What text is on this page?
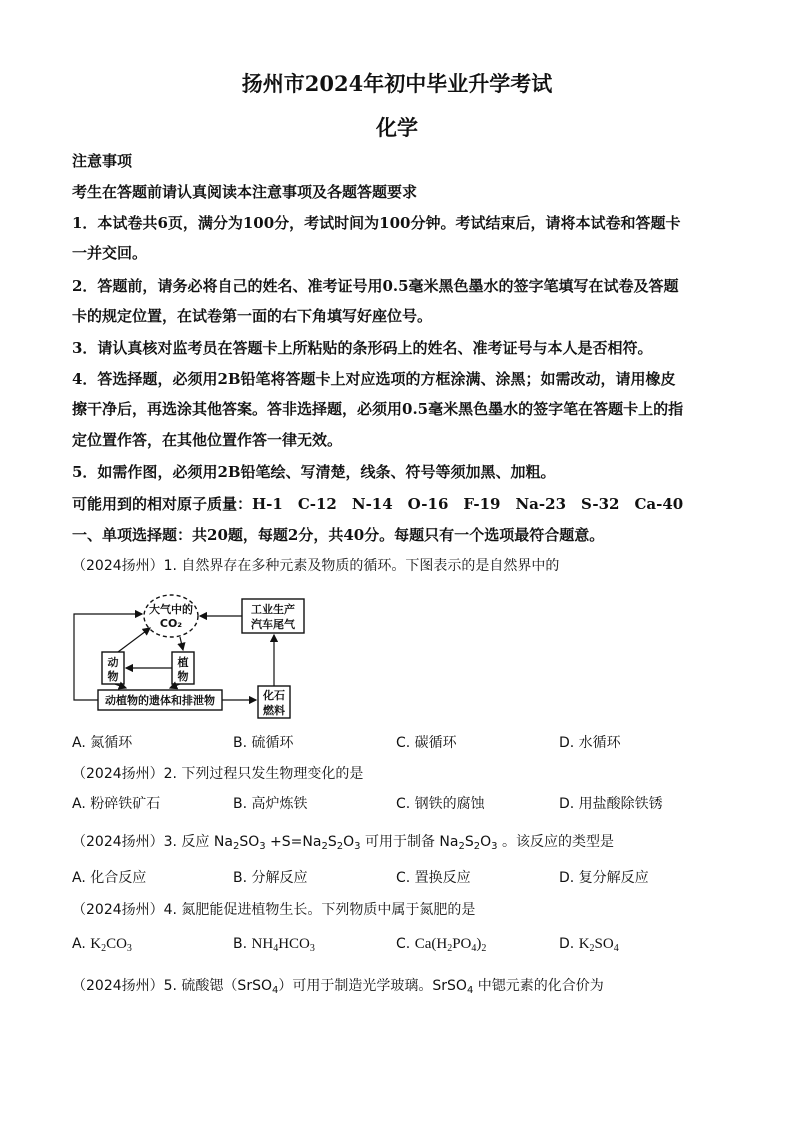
扬州市2024年初中毕业升学考试
化学
注意事项
考生在答题前请认真阅读本注意事项及各题答题要求
1．本试卷共6页，满分为100分，考试时间为100分钟。考试结束后，请将本试卷和答题卡
一并交回。
2．答题前，请务必将自己的姓名、准考证号用0.5毫米黑色墨水的签字笔填写在试卷及答题
卡的规定位置，在试卷第一面的右下角填写好座位号。
3．请认真核对监考员在答题卡上所粘贴的条形码上的姓名、准考证号与本人是否相符。
4．答选择题，必须用2B铅笔将答题卡上对应选项的方框涂满、涂黑；如需改动，请用橡皮
擦干净后，再选涂其他答案。答非选择题，必须用0.5毫米黑色墨水的签字笔在答题卡上的指
定位置作答，在其他位置作答一律无效。
5．如需作图，必须用2B铅笔绘、写清楚，线条、符号等须加黑、加粗。
可能用到的相对原子质量：H-1　C-12　N-14　O-16　F-19　Na-23　S-32　Ca-40
一、单项选择题：共20题，每题2分，共40分。每题只有一个选项最符合题意。
（2024扬州）1. 自然界存在多种元素及物质的循环。下图表示的是自然界中的
大气中的
CO₂
工业生产
汽车尾气
动
物
植
物
动植物的遗体和排泄物	化石
燃料
A. 氮循环	B. 硫循环	C. 碳循环	D. 水循环
（2024扬州）2. 下列过程只发生物理变化的是
A. 粉碎铁矿石	B. 高炉炼铁	C. 钢铁的腐蚀	D. 用盐酸除铁锈
（2024扬州）3. 反应 $Na_2SO_3 +S=Na_2S_2O_3$ 可用于制备 $Na_2S_2O_3$ 。该反应的类型是
A. 化合反应	B. 分解反应	C. 置换反应	D. 复分解反应
（2024扬州）4. 氮肥能促进植物生长。下列物质中属于氮肥的是
A. $K_2CO_3$	B. $NH_4HCO_3$	C. $Ca(H_2PO_4)_2$	D. $K_2SO_4$
（2024扬州）5. 硫酸锶（SrSO$_4$）可用于制造光学玻璃。SrSO$_4$ 中锶元素的化合价为
